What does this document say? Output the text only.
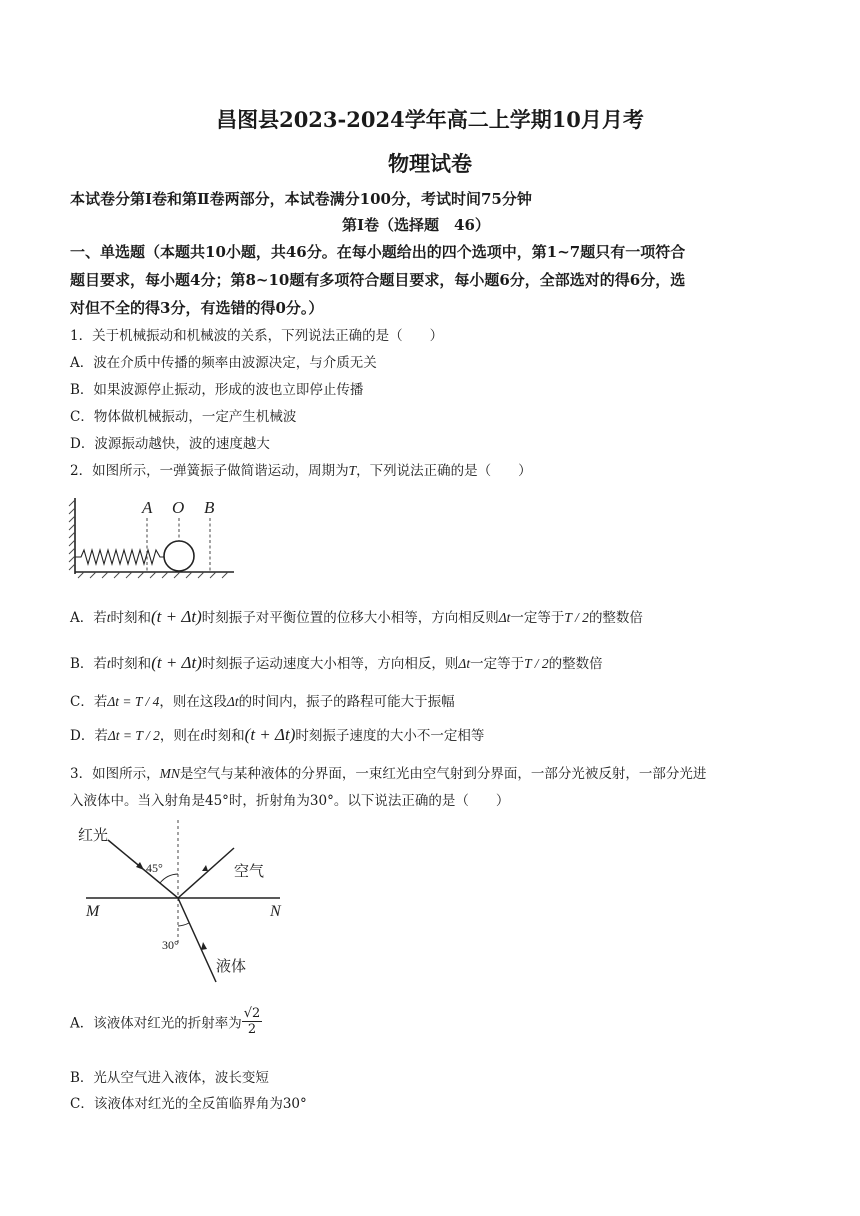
昌图县2023-2024学年高二上学期10月月考
物理试卷
本试卷分第Ⅰ卷和第Ⅱ卷两部分，本试卷满分100分，考试时间75分钟
第Ⅰ卷（选择题　46）
一、单选题（本题共10小题，共46分。在每小题给出的四个选项中，第1~7题只有一项符合
题目要求，每小题4分；第8~10题有多项符合题目要求，每小题6分，全部选对的得6分，选
对但不全的得3分，有选错的得0分。）
1．关于机械振动和机械波的关系，下列说法正确的是（　　）
A．波在介质中传播的频率由波源决定，与介质无关
B．如果波源停止振动，形成的波也立即停止传播
C．物体做机械振动，一定产生机械波
D．波源振动越快，波的速度越大
2．如图所示，一弹簧振子做简谐运动，周期为T，下列说法正确的是（　　）
A O B
A．若t时刻和(t + Δt)时刻振子对平衡位置的位移大小相等，方向相反则Δt一定等于T / 2的整数倍
B．若t时刻和(t + Δt)时刻振子运动速度大小相等，方向相反，则Δt一定等于T / 2的整数倍
C．若Δt = T / 4，则在这段Δt的时间内，振子的路程可能大于振幅
D．若Δt = T / 2，则在t时刻和(t + Δt)时刻振子速度的大小不一定相等
3．如图所示，MN是空气与某种液体的分界面，一束红光由空气射到分界面，一部分光被反射，一部分光进
入液体中。当入射角是45°时，折射角为30°。以下说法正确的是（　　）
红光
45°	空气
M	N
30°
液体
A．该液体对红光的折射率为 $\frac{√2}{2}$
B．光从空气进入液体，波长变短
C．该液体对红光的全反笛临界角为30°
